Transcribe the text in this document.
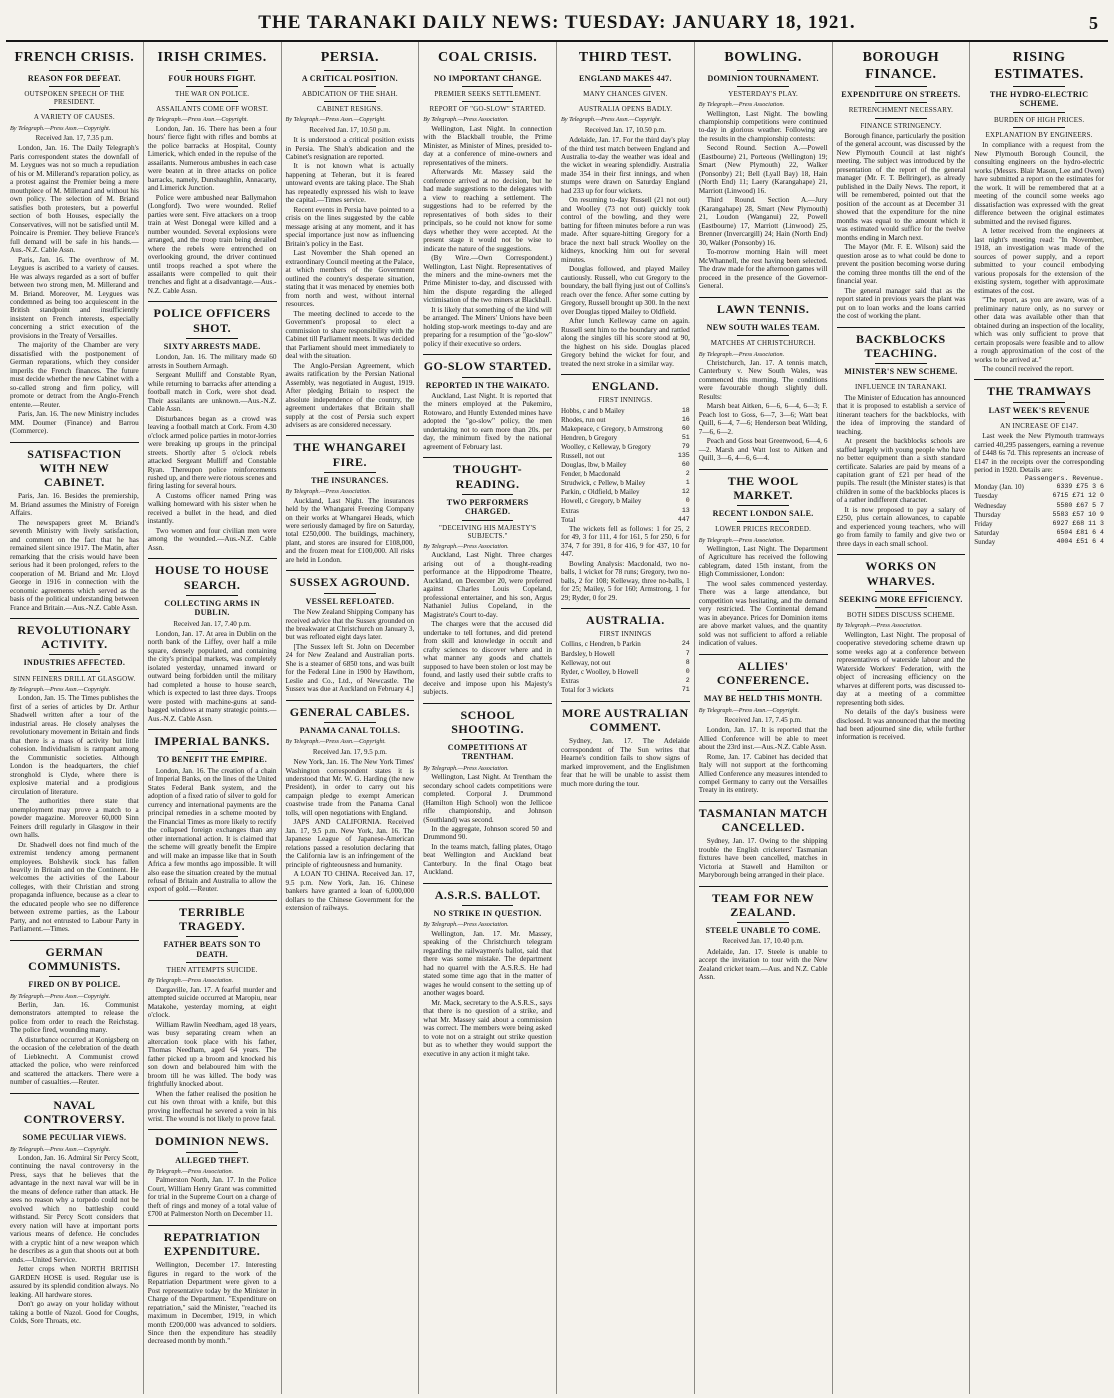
THE TARANAKI DAILY NEWS: TUESDAY: JANUARY 18, 1921.	5
FRENCH CRISIS.
REASON FOR DEFEAT.
OUTSPOKEN SPEECH OF THE PRESIDENT.
A VARIETY OF CAUSES.
By Telegraph.—Press Assn.—Copyright.
Received Jan. 17, 7.35 p.m.

London, Jan. 16. The Daily Telegraph's Paris correspondent states the downfall of M. Leygues was not so much a repudiation of his or M. Millerand's reparation policy, as a protest against the Premier being a mere mouthpiece of M. Millerand and without his own policy. The selection of M. Briand satisfies both protesters, but a powerful section of both Houses, especially the Conservatives, will not be satisfied until M. Poincaire is Premier. They believe France's full demand will be safe in his hands.—Aus.-N.Z. Cable Assn.

Paris, Jan. 16. The overthrow of M. Leygues is ascribed to a variety of causes. He was always regarded as a sort of buffer between two strong men, M. Millerand and M. Briand. Moreover, M. Leygues was condemned as being too acquiescent in the British standpoint and insufficiently insistent on French interests, especially concerning a strict execution of the provisions in the Treaty of Versailles.

The majority of the Chamber are very dissatisfied with the postponement of German reparations, which they consider imperils the French finances. The future must decide whether the new Cabinet with a so-called strong and firm policy, will promote or detract from the Anglo-French entente.—Reuter.

Paris, Jan. 16. The new Ministry includes MM. Doumer (Finance) and Barrou (Commerce).

SATISFACTION WITH NEW CABINET.

Paris, Jan. 16. Besides the premiership, M. Briand assumes the Ministry of Foreign Affairs.

The newspapers greet M. Briand's seventh Ministry with lively satisfaction, and comment on the fact that he has remained silent since 1917. The Matin, after remarking that the crisis would have been serious had it been prolonged, refers to the cooperation of M. Briand and Mr. Lloyd George in 1916 in connection with the economic agreements which served as the basis of the political understanding between France and Britain.—Aus.-N.Z. Cable Assn.

REVOLUTIONARY ACTIVITY.
INDUSTRIES AFFECTED.
SINN FEINERS DRILL AT GLASGOW.
By Telegraph.—Press Assn.—Copyright.

London, Jan. 15. The Times publishes the first of a series of articles by Dr. Arthur Shadwell written after a tour of the industrial areas. He closely analyses the revolutionary movement in Britain and finds that there is a mass of activity but little cohesion. Individualism is rampant among the Communistic societies. Although London is the headquarters, the chief stronghold is Clyde, where there is explosive material and a prodigious circulation of literature.

The authorities there state that unemployment may prove a match to a powder magazine. Moreover 60,000 Sinn Feiners drill regularly in Glasgow in their own halls.

Dr. Shadwell does not find much of the extremist tendency among permanent employees. Bolshevik stock has fallen heavily in Britain and on the Continent. He welcomes the activities of the Labour colleges, with their Christian and strong propaganda influence, because as a clear to the educated people who see no difference between extreme parties, as the Labour Party, and not entrusted to Labour Party in Parliament.—Times.

GERMAN COMMUNISTS.
FIRED ON BY POLICE.
By Telegraph.—Press Assn.—Copyright.

Berlin, Jan. 16. Communist demonstrators attempted to release the police from order to reach the Reichstag. The police fired, wounding many.

A disturbance occurred at Konigsberg on the occasion of the celebration of the death of Liebknecht. A Communist crowd attacked the police, who were reinforced and scattered the attackers. There were a number of casualties.—Reuter.

NAVAL CONTROVERSY.
SOME PECULIAR VIEWS.
By Telegraph.—Press Assn.—Copyright.

London, Jan. 16. Admiral Sir Percy Scott, continuing the naval controversy in the Press, says that he believes that the advantage in the next naval war will be in the means of defence rather than attack. He sees no reason why a torpedo could not be evolved which no battleship could withstand. Sir Percy Scott considers that every nation will have at important ports various means of defence. He concludes with a cryptic hint of a new weapon which he describes as a gun that shoots out at both ends.—United Service.

Jetter crops when NORTH BRITISH GARDEN HOSE is used. Regular use is assured by its splendid condition always. No leaking. All hardware stores.

Don't go away on your holiday without taking a bottle of Nazol. Good for Coughs, Colds, Sore Throats, etc.

IRISH CRIMES.
FOUR HOURS FIGHT.
THE WAR ON POLICE.
ASSAILANTS COME OFF WORST.
By Telegraph.—Press Assn.—Copyright.

London, Jan. 16. There has been a four hours' fierce fight with rifles and bombs at the police barracks at Hospital, County Limerick, which ended in the repulse of the assailants. Numerous ambushes in each case were beaten at in three attacks on police barracks, namely, Dunshaughlin, Annacarty, and Limerick Junction.

Police were ambushed near Ballymahon (Longford). Two were wounded. Relief parties were sent. Five attackers on a troop train at West Donegal were killed and a number wounded. Several explosions were arranged, and the troop train being derailed where the rebels were entrenched on overlooking ground, the driver continued until troops reached a spot where the assailants were compelled to quit their trenches and fight at a disadvantage.—Aus.-N.Z. Cable Assn.

POLICE OFFICERS SHOT.
SIXTY ARRESTS MADE.

London, Jan. 16. The military made 60 arrests in Southern Armagh.

Sergeant Mulliff and Constable Ryan, while returning to barracks after attending a football match in Cork, were shot dead. Their assailants are unknown.—Aus.-N.Z. Cable Assn.

Disturbances began as a crowd was leaving a football match at Cork. From 4.30 o'clock armed police parties in motor-lorries were breaking up groups in the principal streets. Shortly after 5 o'clock rebels attacked Sergeant Mulliff and Constable Ryan. Thereupon police reinforcements rushed up, and there were riotous scenes and firing lasting for several hours.

A Customs officer named Pring was walking homeward with his sister when he received a bullet in the head, and died instantly.

Two women and four civilian men were among the wounded.—Aus.-N.Z. Cable Assn.

HOUSE TO HOUSE SEARCH.
COLLECTING ARMS IN DUBLIN.
Received Jan. 17, 7.40 p.m.

London, Jan. 17. At area in Dublin on the north bank of the Liffey, over half a mile square, densely populated, and containing the city's principal markets, was completely isolated yesterday, unnamed inward or outward being forbidden until the military had completed a house to house search, which is expected to last three days. Troops were posted with machine-guns at sand-bagged windows at many strategic points.—Aus.-N.Z. Cable Assn.

IMPERIAL BANKS.
TO BENEFIT THE EMPIRE.

London, Jan. 16. The creation of a chain of Imperial Banks, on the lines of the United States Federal Bank system, and the adoption of a fixed ratio of silver to gold for currency and international payments are the principal remedies in a scheme mooted by the Financial Times as more likely to rectify the collapsed foreign exchanges than any other international action. It is claimed that the scheme will greatly benefit the Empire and will make an impasse like that in South Africa a few months ago impossible. It will also ease the situation created by the mutual refusal of Britain and Australia to allow the export of gold.—Reuter.

TERRIBLE TRAGEDY.
FATHER BEATS SON TO DEATH.
THEN ATTEMPTS SUICIDE.
By Telegraph.—Press Association.

Dargaville, Jan. 17. A fearful murder and attempted suicide occurred at Maropiu, near Matakohe, yesterday morning, at eight o'clock.

William Rawlin Needham, aged 18 years, was busy separating cream when an altercation took place with his father, Thomas Needham, aged 64 years. The father picked up a broom and knocked his son down and belaboured him with the broom till he was killed. The body was frightfully knocked about.

When the father realised the position he cut his own throat with a knife, but this proving ineffectual he severed a vein in his wrist. The wound is not likely to prove fatal.

DOMINION NEWS.
ALLEGED THEFT.
By Telegraph.—Press Association.

Palmerston North, Jan. 17. In the Police Court, William Henry Grant was committed for trial in the Supreme Court on a charge of theft of rings and money of a total value of £700 at Palmerston North on December 11.

REPATRIATION EXPENDITURE.

Wellington, December 17. Interesting figures in regard to the work of the Repatriation Department were given to a Post representative today by the Minister in Charge of the Department. "Expenditure on repatriation," said the Minister, "reached its maximum in December, 1919, in which month £200,000 was advanced to soldiers. Since then the expenditure has steadily decreased month by month."

PERSIA.
A CRITICAL POSITION.
ABDICATION OF THE SHAH.
CABINET RESIGNS.
By Telegraph.—Press Assn.—Copyright.
Received Jan. 17, 10.50 p.m.

It is understood a critical position exists in Persia. The Shah's abdication and the Cabinet's resignation are reported.

It is not known what is actually happening at Teheran, but it is feared untoward events are taking place. The Shah has repeatedly expressed his wish to leave the capital.—Times service.

Recent events in Persia have pointed to a crisis on the lines suggested by the cable message arising at any moment, and it has special importance just now as influencing Britain's policy in the East.

Last November the Shah opened an extraordinary Council meeting at the Palace, at which members of the Government outlined the country's desperate situation, stating that it was menaced by enemies both from north and west, without internal resources.

The meeting declined to accede to the Government's proposal to elect a commission to share responsibility with the Cabinet till Parliament meets. It was decided that Parliament should meet immediately to deal with the situation.

The Anglo-Persian Agreement, which awaits ratification by the Persian National Assembly, was negotiated in August, 1919. After pledging Britain to respect the absolute independence of the country, the agreement undertakes that Britain shall supply at the cost of Persia such expert advisers as are considered necessary.

THE WHANGAREI FIRE.
THE INSURANCES.
By Telegraph.—Press Association.

Auckland, Last Night. The insurances held by the Whangarei Freezing Company on their works at Whangarei Heads, which were seriously damaged by fire on Saturday, total £250,000. The buildings, machinery, plant, and stores are insured for £108,000, and the frozen meat for £100,000. All risks are held in London.

SUSSEX AGROUND.
VESSEL REFLOATED.

The New Zealand Shipping Company has received advice that the Sussex grounded on the breakwater at Christchurch on January 3, but was refloated eight days later.

[The Sussex left St. John on December 24 for New Zealand and Australian ports. She is a steamer of 6850 tons, and was built for the Federal Line in 1900 by Hawthorn, Leslie and Co., Ltd., of Newcastle. The Sussex was due at Auckland on February 4.]

GENERAL CABLES.
PANAMA CANAL TOLLS.
By Telegraph.—Press Assn.—Copyright.
Received Jan. 17, 9.5 p.m.

New York, Jan. 16. The New York Times' Washington correspondent states it is understood that Mr. W. G. Harding (the new President), in order to carry out his campaign pledge to exempt American coastwise trade from the Panama Canal tolls, will open negotiations with England.

JAPS AND CALIFORNIA. Received Jan. 17, 9.5 p.m. New York, Jan. 16. The Japanese League of Japanese-American relations passed a resolution declaring that the California law is an infringement of the principle of righteousness and humanity.

A LOAN TO CHINA. Received Jan. 17, 9.5 p.m. New York, Jan. 16. Chinese bankers have granted a loan of 6,000,000 dollars to the Chinese Government for the extension of railways.

COAL CRISIS.
NO IMPORTANT CHANGE.
PREMIER SEEKS SETTLEMENT.
REPORT OF "GO-SLOW" STARTED.
By Telegraph.—Press Association.

Wellington, Last Night. In connection with the Blackball trouble, the Prime Minister, as Minister of Mines, presided to-day at a conference of mine-owners and representatives of the miners.

Afterwards Mr. Massey said the conference arrived at no decision, but he had made suggestions to the delegates with a view to reaching a settlement. The suggestions had to be referred by the representatives of both sides to their principals, so he could not know for some days whether they were accepted. At the present stage it would not be wise to indicate the nature of the suggestions.

(By Wire.—Own Correspondent.) Wellington, Last Night. Representatives of the miners and the mine-owners met the Prime Minister to-day, and discussed with him the dispute regarding the alleged victimisation of the two miners at Blackball.

It is likely that something of the kind will be arranged. The Miners' Unions have been holding stop-work meetings to-day and are preparing for a resumption of the "go-slow" policy if their executive so orders.

GO-SLOW STARTED.
REPORTED IN THE WAIKATO.

Auckland, Last Night. It is reported that the miners employed at the Pukemiro, Rotowaro, and Huntly Extended mines have adopted the "go-slow" policy, the men undertaking not to earn more than 20s. per day, the minimum fixed by the national agreement of February last.

THOUGHT-READING.
TWO PERFORMERS CHARGED.
"DECEIVING HIS MAJESTY'S SUBJECTS."
By Telegraph.—Press Association.

Auckland, Last Night. Three charges arising out of a thought-reading performance at the Hippodrome Theatre, Auckland, on December 20, were preferred against Charles Louis Copeland, professional entertainer, and his son, Argus Nathaniel Julius Copeland, in the Magistrate's Court to-day.

The charges were that the accused did undertake to tell fortunes, and did pretend from skill and knowledge in occult and crafty sciences to discover where and in what manner any goods and chattels supposed to have been stolen or lost may be found, and lastly used their subtle crafts to deceive and impose upon his Majesty's subjects.

SCHOOL SHOOTING.
COMPETITIONS AT TRENTHAM.
By Telegraph.—Press Association.

Wellington, Last Night. At Trentham the secondary school cadets competitions were completed. Corporal J. Drummond (Hamilton High School) won the Jellicoe rifle championship, and Johnson (Southland) was second.

In the aggregate, Johnson scored 50 and Drummond 90.

In the teams match, falling plates, Otago beat Wellington and Auckland beat Canterbury. In the final Otago beat Auckland.

A.S.R.S. BALLOT.
NO STRIKE IN QUESTION.
By Telegraph.—Press Association.

Wellington, Jan. 17. Mr. Massey, speaking of the Christchurch telegram regarding the railwaymen's ballot, said that there was some mistake. The department had no quarrel with the A.S.R.S. He had stated some time ago that in the matter of wages he would consent to the setting up of another wages board.

Mr. Mack, secretary to the A.S.R.S., says that there is no question of a strike, and what Mr. Massey said about a commission was correct. The members were being asked to vote not on a straight out strike question but as to whether they would support the executive in any action it might take.

THIRD TEST.
ENGLAND MAKES 447.
MANY CHANCES GIVEN.
AUSTRALIA OPENS BADLY.
By Telegraph.—Press Assn.—Copyright.
Received Jan. 17, 10.50 p.m.

Adelaide, Jan. 17. For the third day's play of the third test match between England and Australia to-day the weather was ideal and the wicket in wearing splendidly. Australia made 354 in their first innings, and when stumps were drawn on Saturday England had 233 up for four wickets.

On resuming to-day Russell (21 not out) and Woolley (73 not out) quickly took control of the bowling, and they were batting for fifteen minutes before a run was made. After square-hitting Gregory for a brace the next ball struck Woolley on the kidneys, knocking him out for several minutes.

Douglas followed, and played Mailey cautiously. Russell, who cut Gregory to the boundary, the ball flying just out of Collins's reach over the fence. After some cutting by Gregory, Russell brought up 300. In the next over Douglas tipped Mailey to Oldfield.

After lunch Kelleway came on again. Russell sent him to the boundary and rattled along the singles till his score stood at 90, the highest on his side. Douglas placed Gregory behind the wicket for four, and treated the next stroke in a similar way.

ENGLAND.
FIRST INNINGS.
Hobbs, c and b Mailey	18
Rhodes, run out	16
Makepeace, c Gregory, b Armstrong	60
Hendren, b Gregory	51
Woolley, c Kelleway, b Gregory	79
Russell, not out	135
Douglas, lbw, b Mailey	60
Fender, b Macdonald	2
Strudwick, c Pellew, b Mailey	1
Parkin, c Oldfield, b Mailey	12
Howell, c Gregory, b Mailey	0
Extras	13
Total	447

The wickets fell as follows: 1 for 25, 2 for 49, 3 for 111, 4 for 161, 5 for 250, 6 for 374, 7 for 391, 8 for 416, 9 for 437, 10 for 447.

Bowling Analysis: Macdonald, two no-balls, 1 wicket for 78 runs; Gregory, two no-balls, 2 for 108; Kelleway, three no-balls, 1 for 25; Mailey, 5 for 160; Armstrong, 1 for 29; Ryder, 0 for 29.

AUSTRALIA.
FIRST INNINGS
Collins, c Hendren, b Parkin	24
Bardsley, b Howell	7
Kelleway, not out	8
Ryder, c Woolley, b Howell	0
Extras	2
Total for 3 wickets	71
MORE AUSTRALIAN COMMENT.

Sydney, Jan. 17. The Adelaide correspondent of The Sun writes that Hearne's condition fails to show signs of marked improvement, and the Englishmen fear that he will be unable to assist them much more during the tour.

BOWLING.
DOMINION TOURNAMENT.
YESTERDAY'S PLAY.
By Telegraph.—Press Association.

Wellington, Last Night. The bowling championship competitions were continued to-day in glorious weather. Following are the results in the championship contests:

Second Round. Section A.—Powell (Eastbourne) 21, Porteous (Wellington) 19; Smart (New Plymouth) 22, Walker (Ponsonby) 21; Bell (Lyall Bay) 18, Hain (North End) 11; Laery (Karangahape) 21, Marriott (Linwood) 16.

Third Round. Section A.—Jury (Karangahape) 28, Smart (New Plymouth) 21, Loudon (Wanganui) 22, Powell (Eastbourne) 17, Marriott (Linwood) 25, Brenner (Invercargill) 24; Hain (North End) 30, Walker (Ponsonby) 16.

To-morrow morning Hain will meet McWhannell, the rest having been selected. The draw made for the afternoon games will proceed in the presence of the Governor-General.

LAWN TENNIS.
NEW SOUTH WALES TEAM.
MATCHES AT CHRISTCHURCH.
By Telegraph.—Press Association.

Christchurch, Jan. 17. A tennis match, Canterbury v. New South Wales, was commenced this morning. The conditions were favourable though slightly dull. Results:

Marsh beat Aitken, 6—6, 6—4, 6—3; F. Peach lost to Goss, 6—7, 3—6; Watt beat Quill, 6—4, 7—6; Henderson beat Wilding, 7—6, 6—2.

Peach and Goss beat Greenwood, 6—4, 6—2. Marsh and Watt lost to Aitken and Quill, 3—6, 4—6, 6—4.

THE WOOL MARKET.
RECENT LONDON SALE.
LOWER PRICES RECORDED.
By Telegraph.—Press Association.

Wellington, Last Night. The Department of Agriculture has received the following cablegram, dated 15th instant, from the High Commissioner, London:

The wool sales commenced yesterday. There was a large attendance, but competition was hesitating, and the demand very restricted. The Continental demand was in abeyance. Prices for Dominion items are above market values, and the quantity sold was not sufficient to afford a reliable indication of values.

ALLIES' CONFERENCE.
MAY BE HELD THIS MONTH.
By Telegraph.—Press Assn.—Copyright.
Received Jan. 17, 7.45 p.m.

London, Jan. 17. It is reported that the Allied Conference will be able to meet about the 23rd inst.—Aus.-N.Z. Cable Assn.

Rome, Jan. 17. Cabinet has decided that Italy will not support at the forthcoming Allied Conference any measures intended to compel Germany to carry out the Versailles Treaty in its entirety.

TASMANIAN MATCH CANCELLED.

Sydney, Jan. 17. Owing to the shipping trouble the English cricketers' Tasmanian fixtures have been cancelled, matches in Victoria at Stawell and Hamilton or Maryborough being arranged in their place.

TEAM FOR NEW ZEALAND.
STEELE UNABLE TO COME.
Received Jan. 17, 10.40 p.m.

Adelaide, Jan. 17. Steele is unable to accept the invitation to tour with the New Zealand cricket team.—Aus. and N.Z. Cable Assn.

BOROUGH FINANCE.
EXPENDITURE ON STREETS.
RETRENCHMENT NECESSARY.
FINANCE STRINGENCY.

Borough finance, particularly the position of the general account, was discussed by the New Plymouth Council at last night's meeting. The subject was introduced by the presentation of the report of the general manager (Mr. F. T. Bellringer), as already published in the Daily News. The report, it will be remembered, pointed out that the position of the account as at December 31 showed that the expenditure for the nine months was equal to the amount which it was estimated would suffice for the twelve months ending in March next.

The Mayor (Mr. F. E. Wilson) said the question arose as to what could be done to prevent the position becoming worse during the coming three months till the end of the financial year.

The general manager said that as the report stated in previous years the plant was put on to loan works and the loans carried the cost of working the plant.

BACKBLOCKS TEACHING.
MINISTER'S NEW SCHEME.
INFLUENCE IN TARANAKI.

The Minister of Education has announced that it is proposed to establish a service of itinerant teachers for the backblocks, with the idea of improving the standard of teaching.

At present the backblocks schools are staffed largely with young people who have no better equipment than a sixth standard certificate. Salaries are paid by means of a capitation grant of £21 per head of the pupils. The result (the Minister states) is that children in some of the backblocks places is of a rather indifferent character.

It is now proposed to pay a salary of £250, plus certain allowances, to capable and experienced young teachers, who will go from family to family and give two or three days in each small school.

WORKS ON WHARVES.
SEEKING MORE EFFICIENCY.
BOTH SIDES DISCUSS SCHEME.
By Telegraph.—Press Association.

Wellington, Last Night. The proposal of cooperative stevedoring scheme drawn up some weeks ago at a conference between representatives of waterside labour and the Waterside Workers' Federation, with the object of increasing efficiency on the wharves at different ports, was discussed to-day at a meeting of a committee representing both sides.

No details of the day's business were disclosed. It was announced that the meeting had been adjourned sine die, while further information is received.

RISING ESTIMATES.
THE HYDRO-ELECTRIC SCHEME.
BURDEN OF HIGH PRICES.
EXPLANATION BY ENGINEERS.

In compliance with a request from the New Plymouth Borough Council, the consulting engineers on the hydro-electric works (Messrs. Blair Mason, Lee and Owen) have submitted a report on the estimates for the work. It will be remembered that at a meeting of the council some weeks ago dissatisfaction was expressed with the great difference between the original estimates submitted and the revised figures.

A letter received from the engineers at last night's meeting read: "In November, 1918, an investigation was made of the sources of power supply, and a report submitted to your council embodying various proposals for the extension of the existing system, together with approximate estimates of the cost.

"The report, as you are aware, was of a preliminary nature only, as no survey or other data was available other than that obtained during an inspection of the locality, which was only sufficient to prove that certain proposals were feasible and to allow a rough approximation of the cost of the works to be arrived at."

The council received the report.

THE TRAMWAYS
LAST WEEK'S REVENUE
AN INCREASE OF £147.

Last week the New Plymouth tramways carried 40,295 passengers, earning a revenue of £448 6s 7d. This represents an increase of £147 in the receipts over the corresponding period in 1920. Details are:

Passengers. Revenue.
Monday (Jan. 10)	6339 £75 3 6
Tuesday	6715 £71 12 0
Wednesday	5580 £67 5 7
Thursday	5583 £57 10 9
Friday	6927 £68 11 3
Saturday	6504 £81 6 4
Sunday	4004 £51 6 4
